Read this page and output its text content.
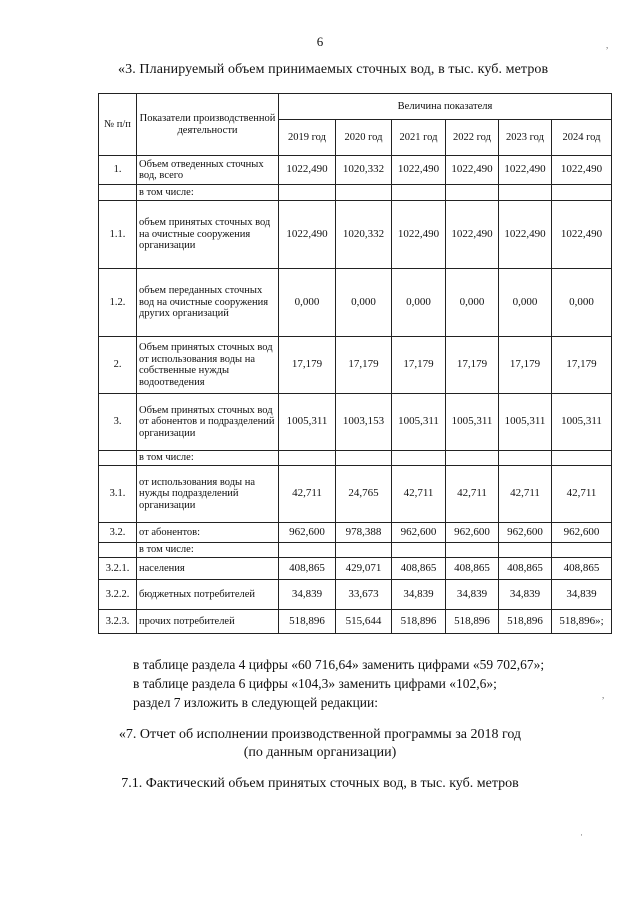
6
«3. Планируемый объем принимаемых сточных вод, в тыс. куб. метров
№ п/п	Показатели производственной деятельности	Величина показателя					
		2019 год	2020 год	2021 год	2022 год	2023 год	2024 год
1.	Объем отведенных сточных вод, всего	1022,490	1020,332	1022,490	1022,490	1022,490	1022,490
	в том числе:						
1.1.	объем принятых сточных вод на очистные сооружения организации	1022,490	1020,332	1022,490	1022,490	1022,490	1022,490
1.2.	объем переданных сточных вод на очистные сооружения других организаций	0,000	0,000	0,000	0,000	0,000	0,000
2.	Объем принятых сточных вод от использования воды на собственные нужды водоотведения	17,179	17,179	17,179	17,179	17,179	17,179
3.	Объем принятых сточных вод от абонентов и подразделений организации	1005,311	1003,153	1005,311	1005,311	1005,311	1005,311
	в том числе:						
3.1.	от использования воды на нужды подразделений организации	42,711	24,765	42,711	42,711	42,711	42,711
3.2.	от абонентов:	962,600	978,388	962,600	962,600	962,600	962,600
	в том числе:						
3.2.1.	населения	408,865	429,071	408,865	408,865	408,865	408,865
3.2.2.	бюджетных потребителей	34,839	33,673	34,839	34,839	34,839	34,839
3.2.3.	прочих потребителей	518,896	515,644	518,896	518,896	518,896	518,896»;
в таблице раздела 4 цифры «60 716,64» заменить цифрами «59 702,67»;
в таблице раздела 6 цифры «104,3» заменить цифрами «102,6»;
раздел 7 изложить в следующей редакции:
«7. Отчет об исполнении производственной программы за 2018 год
(по данным организации)
7.1. Фактический объем принятых сточных вод, в тыс. куб. метров
,
,
·
